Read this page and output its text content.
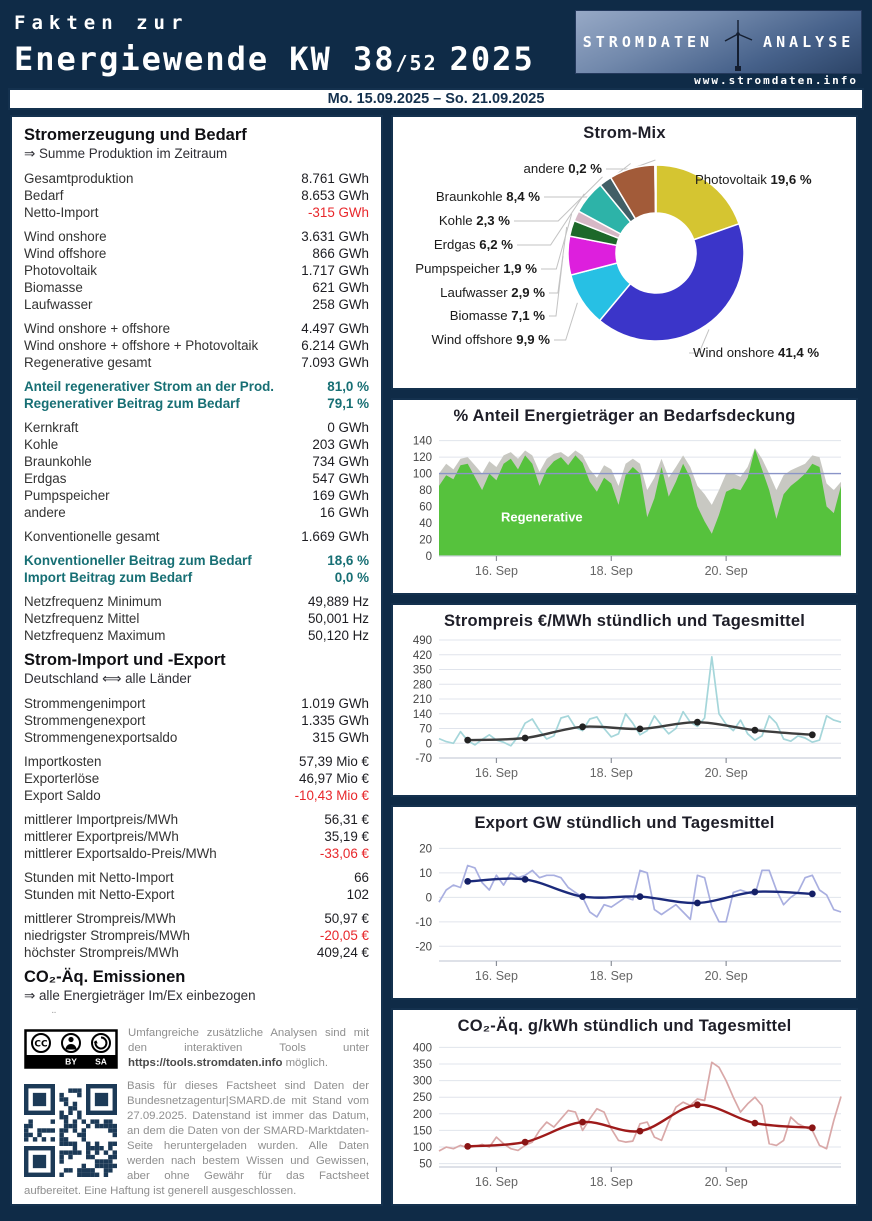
Fakten zur
Energiewende KW 38/52 2025	STROMDATEN	ANALYSE
www.stromdaten.info
Mo. 15.09.2025 – So. 21.09.2025
Stromerzeugung und Bedarf
⇒ Summe Produktion im Zeitraum
Gesamtproduktion	8.761 GWh
Bedarf	8.653 GWh
Netto-Import	-315 GWh
Wind onshore	3.631 GWh
Wind offshore	866 GWh
Photovoltaik	1.717 GWh
Biomasse	621 GWh
Laufwasser	258 GWh
Wind onshore + offshore	4.497 GWh
Wind onshore + offshore + Photovoltaik	6.214 GWh
Regenerative gesamt	7.093 GWh
Anteil regenerativer Strom an der Prod.	81,0 %
Regenerativer Beitrag zum Bedarf	79,1 %
Kernkraft	0 GWh
Kohle	203 GWh
Braunkohle	734 GWh
Erdgas	547 GWh
Pumpspeicher	169 GWh
andere	16 GWh
Konventionelle gesamt	1.669 GWh
Konventioneller Beitrag zum Bedarf	18,6 %
Import Beitrag zum Bedarf	0,0 %
Netzfrequenz Minimum	49,889 Hz
Netzfrequenz Mittel	50,001 Hz
Netzfrequenz Maximum	50,120 Hz
Strom-Import und -Export
Deutschland ⟺ alle Länder
Strommengenimport	1.019 GWh
Strommengenexport	1.335 GWh
Strommengenexportsaldo	315 GWh
Importkosten	57,39 Mio €
Exporterlöse	46,97 Mio €
Export Saldo	-10,43 Mio €
mittlerer Importpreis/MWh	56,31 €
mittlerer Exportpreis/MWh	35,19 €
mittlerer Exportsaldo-Preis/MWh	-33,06 €
Stunden mit Netto-Import	66
Stunden mit Netto-Export	102
mittlerer Strompreis/MWh	50,97 €
niedrigster Strompreis/MWh	-20,05 €
höchster Strompreis/MWh	409,24 €
CO₂-Äq. Emissionen
⇒ alle Energieträger Im/Ex einbezogen
¨
CC
BY SA

Umfangreiche zusätzliche Analysen sind mit den interaktiven Tools unter https://tools.stromdaten.info möglich.

Basis für dieses Factsheet sind Daten der Bundesnetzagentur|SMARD.de mit Stand vom 27.09.2025. Datenstand ist immer das Datum, an dem die Daten von der SMARD-Marktdaten-Seite heruntergeladen wurden. Alle Daten werden nach bestem Wissen und Gewissen, aber ohne Gewähr für das Factsheet aufbereitet. Eine Haftung ist generell ausgeschlossen.

Strom-Mix
Photovoltaik 19,6 %
Wind onshore 41,4 %
Wind offshore 9,9 %
Biomasse 7,1 %
Laufwasser 2,9 %
Pumpspeicher 1,9 %
Erdgas 6,2 %
Kohle 2,3 %
Braunkohle 8,4 %
andere 0,2 %
% Anteil Energieträger an Bedarfsdeckung
0
20
40
60
80
100
120
140
Regenerative
16. Sep	18. Sep	20. Sep
Strompreis €/MWh stündlich und Tagesmittel
490
420
350
280
210
140
70
0
-70
16. Sep	18. Sep	20. Sep
Export GW stündlich und Tagesmittel
20
10
0
-10
-20
16. Sep	18. Sep	20. Sep
CO₂-Äq. g/kWh stündlich und Tagesmittel
400
350
300
250
200
150
100
50
16. Sep	18. Sep	20. Sep
